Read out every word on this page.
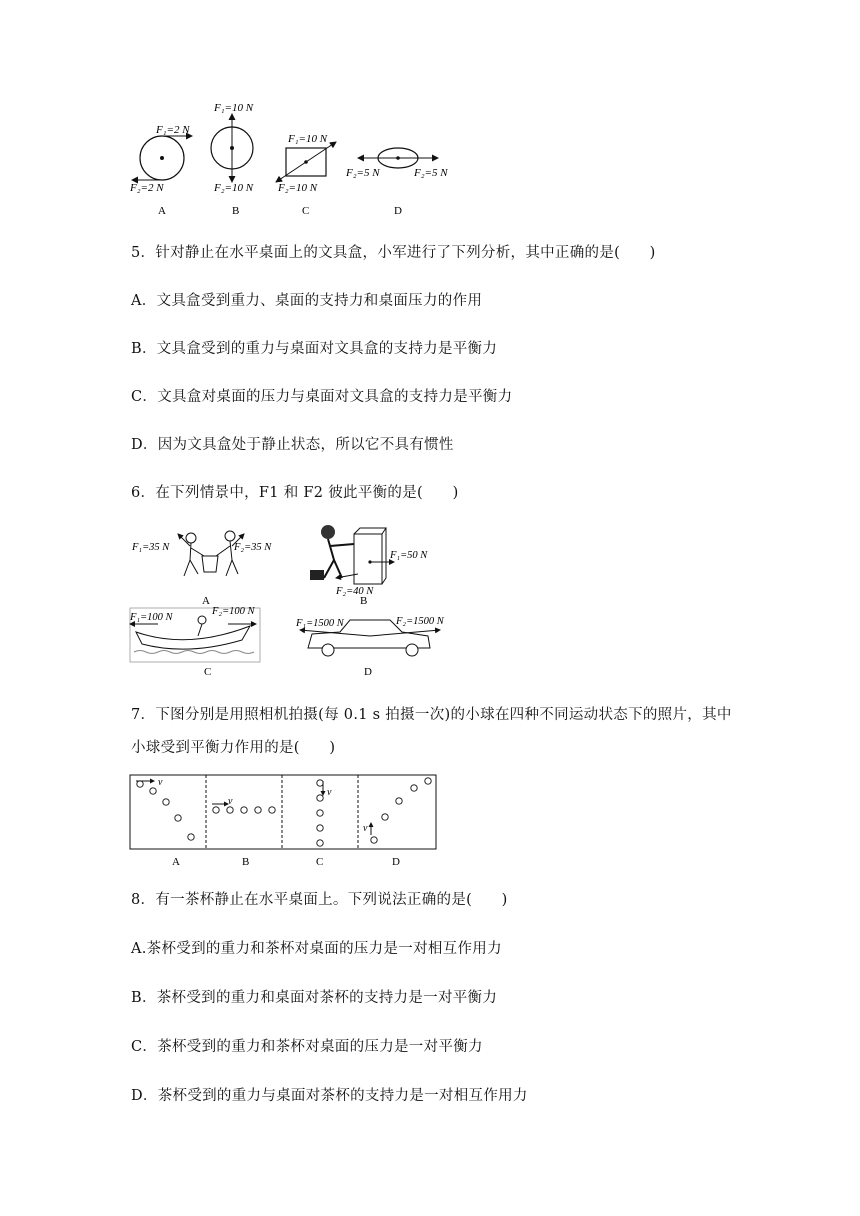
F₁=2 N
F₂=2 N
A
F₁=10 N
F₂=10 N
B
F₁=10 N
F₂=10 N
C
F₂=5 N	F₂=5 N
D
5．针对静止在水平桌面上的文具盒，小军进行了下列分析，其中正确的是(　　)
A．文具盒受到重力、桌面的支持力和桌面压力的作用
B．文具盒受到的重力与桌面对文具盒的支持力是平衡力
C．文具盒对桌面的压力与桌面对文具盒的支持力是平衡力
D．因为文具盒处于静止状态，所以它不具有惯性
6．在下列情景中，F1 和 F2 彼此平衡的是(　　)
F₁=35 N	F₂=35 N
A
F₁=50 N
F₂=40 N
B
F₁=100 N
F₂=100 N
C
F₁=1500 N	F₂=1500 N
D
7．下图分别是用照相机拍摄(每 0.1 s 拍摄一次)的小球在四种不同运动状态下的照片，其中
小球受到平衡力作用的是(　　)
v
v
v
v
A	B	C	D
8．有一茶杯静止在水平桌面上。下列说法正确的是(　　)
A.茶杯受到的重力和茶杯对桌面的压力是一对相互作用力
B．茶杯受到的重力和桌面对茶杯的支持力是一对平衡力
C．茶杯受到的重力和茶杯对桌面的压力是一对平衡力
D．茶杯受到的重力与桌面对茶杯的支持力是一对相互作用力
